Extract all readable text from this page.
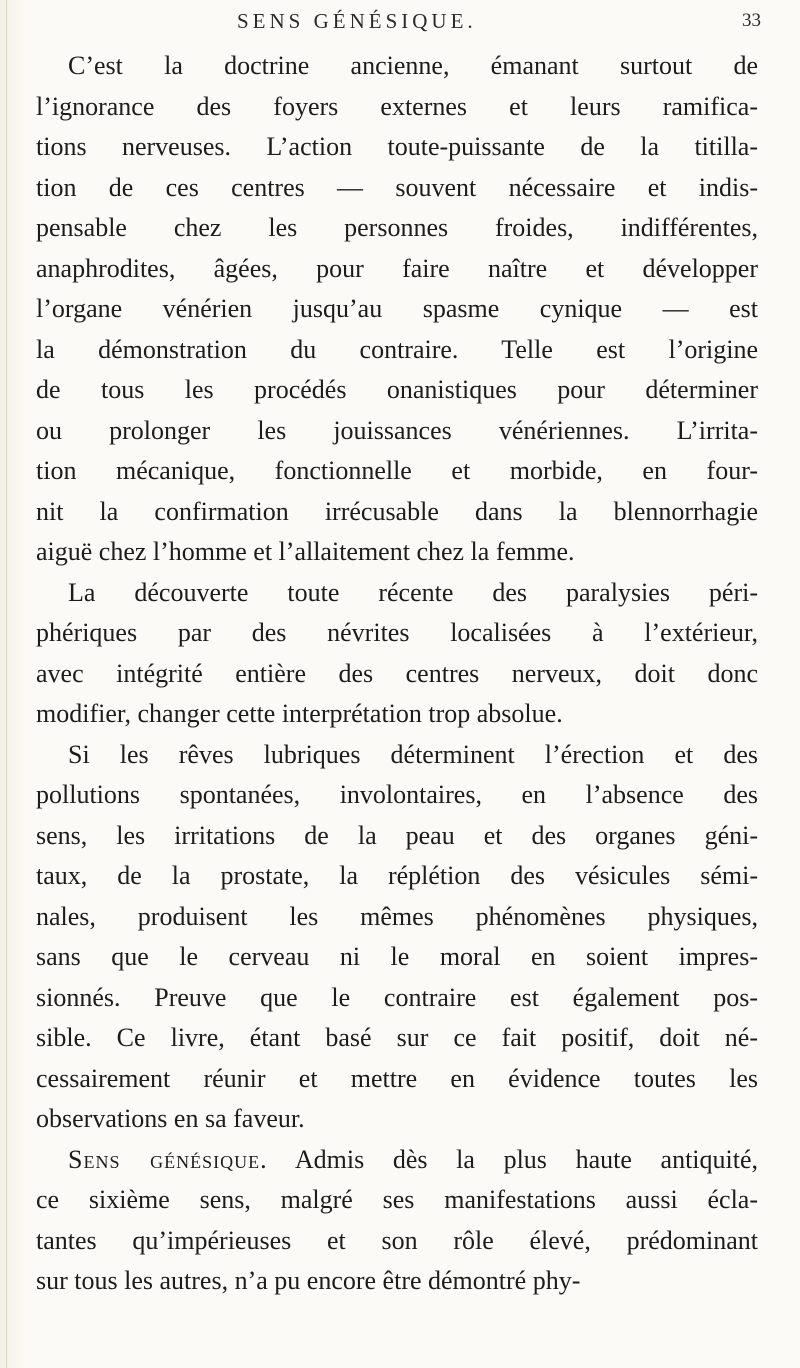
SENS GÉNÉSIQUE.	33
C’est la doctrine ancienne, émanant surtout de
l’ignorance des foyers externes et leurs ramifica-
tions nerveuses. L’action toute-puissante de la titilla-
tion de ces centres — souvent nécessaire et indis-
pensable chez les personnes froides, indifférentes,
anaphrodites, âgées, pour faire naître et développer
l’organe vénérien jusqu’au spasme cynique — est
la démonstration du contraire. Telle est l’origine
de tous les procédés onanistiques pour déterminer
ou prolonger les jouissances vénériennes. L’irrita-
tion mécanique, fonctionnelle et morbide, en four-
nit la confirmation irrécusable dans la blennorrhagie
aiguë chez l’homme et l’allaitement chez la femme.
La découverte toute récente des paralysies péri-
phériques par des névrites localisées à l’extérieur,
avec intégrité entière des centres nerveux, doit donc
modifier, changer cette interprétation trop absolue.
Si les rêves lubriques déterminent l’érection et des
pollutions spontanées, involontaires, en l’absence des
sens, les irritations de la peau et des organes géni-
taux, de la prostate, la réplétion des vésicules sémi-
nales, produisent les mêmes phénomènes physiques,
sans que le cerveau ni le moral en soient impres-
sionnés. Preuve que le contraire est également pos-
sible. Ce livre, étant basé sur ce fait positif, doit né-
cessairement réunir et mettre en évidence toutes les
observations en sa faveur.
Sens génésique. Admis dès la plus haute antiquité,
ce sixième sens, malgré ses manifestations aussi écla-
tantes qu’impérieuses et son rôle élevé, prédominant
sur tous les autres, n’a pu encore être démontré phy-
